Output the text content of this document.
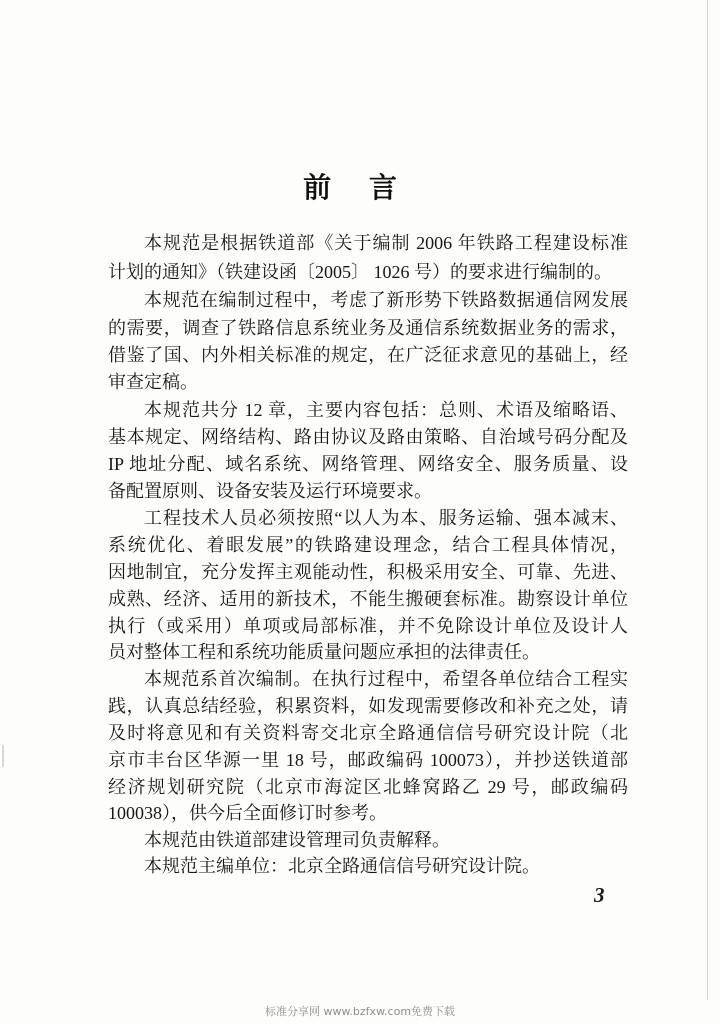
前 言
本规范是根据铁道部《关于编制 2006 年铁路工程建设标准
计划的通知》（铁建设函〔2005〕 1026 号）的要求进行编制的。
本规范在编制过程中，考虑了新形势下铁路数据通信网发展
的需要，调查了铁路信息系统业务及通信系统数据业务的需求，
借鉴了国、内外相关标准的规定，在广泛征求意见的基础上，经
审查定稿。
本规范共分 12 章，主要内容包括：总则、术语及缩略语、
基本规定、网络结构、路由协议及路由策略、自治域号码分配及
IP 地址分配、域名系统、网络管理、网络安全、服务质量、设
备配置原则、设备安装及运行环境要求。
工程技术人员必须按照“以人为本、服务运输、强本减末、
系统优化、着眼发展”的铁路建设理念，结合工程具体情况，
因地制宜，充分发挥主观能动性，积极采用安全、可靠、先进、
成熟、经济、适用的新技术，不能生搬硬套标准。勘察设计单位
执行（或采用）单项或局部标准，并不免除设计单位及设计人
员对整体工程和系统功能质量问题应承担的法律责任。
本规范系首次编制。在执行过程中，希望各单位结合工程实
践，认真总结经验，积累资料，如发现需要修改和补充之处，请
及时将意见和有关资料寄交北京全路通信信号研究设计院（北
京市丰台区华源一里 18 号，邮政编码 100073），并抄送铁道部
经济规划研究院（北京市海淀区北蜂窝路乙 29 号，邮政编码
100038），供今后全面修订时参考。
本规范由铁道部建设管理司负责解释。
本规范主编单位：北京全路通信信号研究设计院。
3
标准分享网 www.bzfxw.com免费下载
